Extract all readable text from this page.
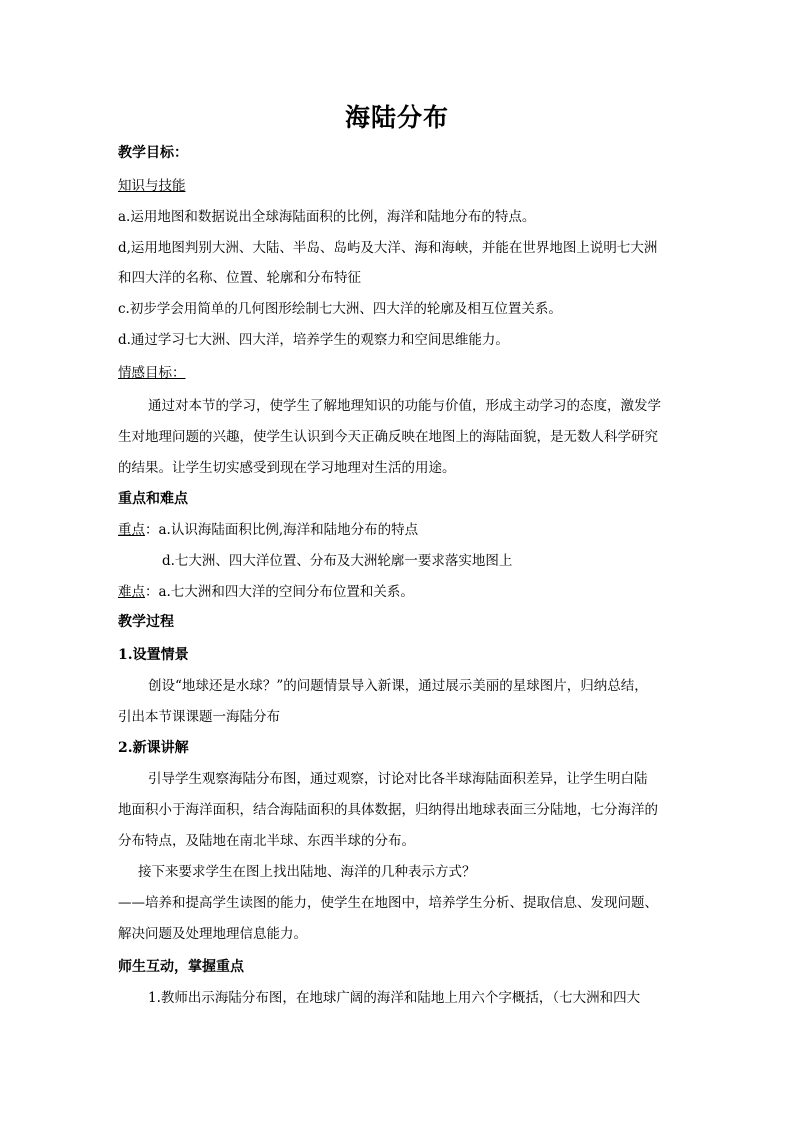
海陆分布
教学目标：
知识与技能
a.运用地图和数据说出全球海陆面积的比例，海洋和陆地分布的特点。
d,运用地图判别大洲、大陆、半岛、岛屿及大洋、海和海峡，并能在世界地图上说明七大洲
和四大洋的名称、位置、轮廓和分布特征
c.初步学会用简单的几何图形绘制七大洲、四大洋的轮廓及相互位置关系。
d.通过学习七大洲、四大洋，培养学生的观察力和空间思维能力。
情感目标：
通过对本节的学习，使学生了解地理知识的功能与价值，形成主动学习的态度，激发学
生对地理问题的兴趣，使学生认识到今天正确反映在地图上的海陆面貌，是无数人科学研究
的结果。让学生切实感受到现在学习地理对生活的用途。
重点和难点
重点：a.认识海陆面积比例,海洋和陆地分布的特点
d.七大洲、四大洋位置、分布及大洲轮廓一要求落实地图上
难点：a.七大洲和四大洋的空间分布位置和关系。
教学过程
1.设置情景
创设“地球还是水球？”的问题情景导入新课，通过展示美丽的星球图片，归纳总结，
引出本节课课题一海陆分布
2.新课讲解
引导学生观察海陆分布图，通过观察，讨论对比各半球海陆面积差异，让学生明白陆
地面积小于海洋面积，结合海陆面积的具体数据，归纳得出地球表面三分陆地，七分海洋的
分布特点，及陆地在南北半球、东西半球的分布。
接下来要求学生在图上找出陆地、海洋的几种表示方式？
——培养和提高学生读图的能力，使学生在地图中，培养学生分析、提取信息、发现问题、
解决问题及处理地理信息能力。
师生互动，掌握重点
1.教师出示海陆分布图，在地球广阔的海洋和陆地上用六个字概括，（七大洲和四大
